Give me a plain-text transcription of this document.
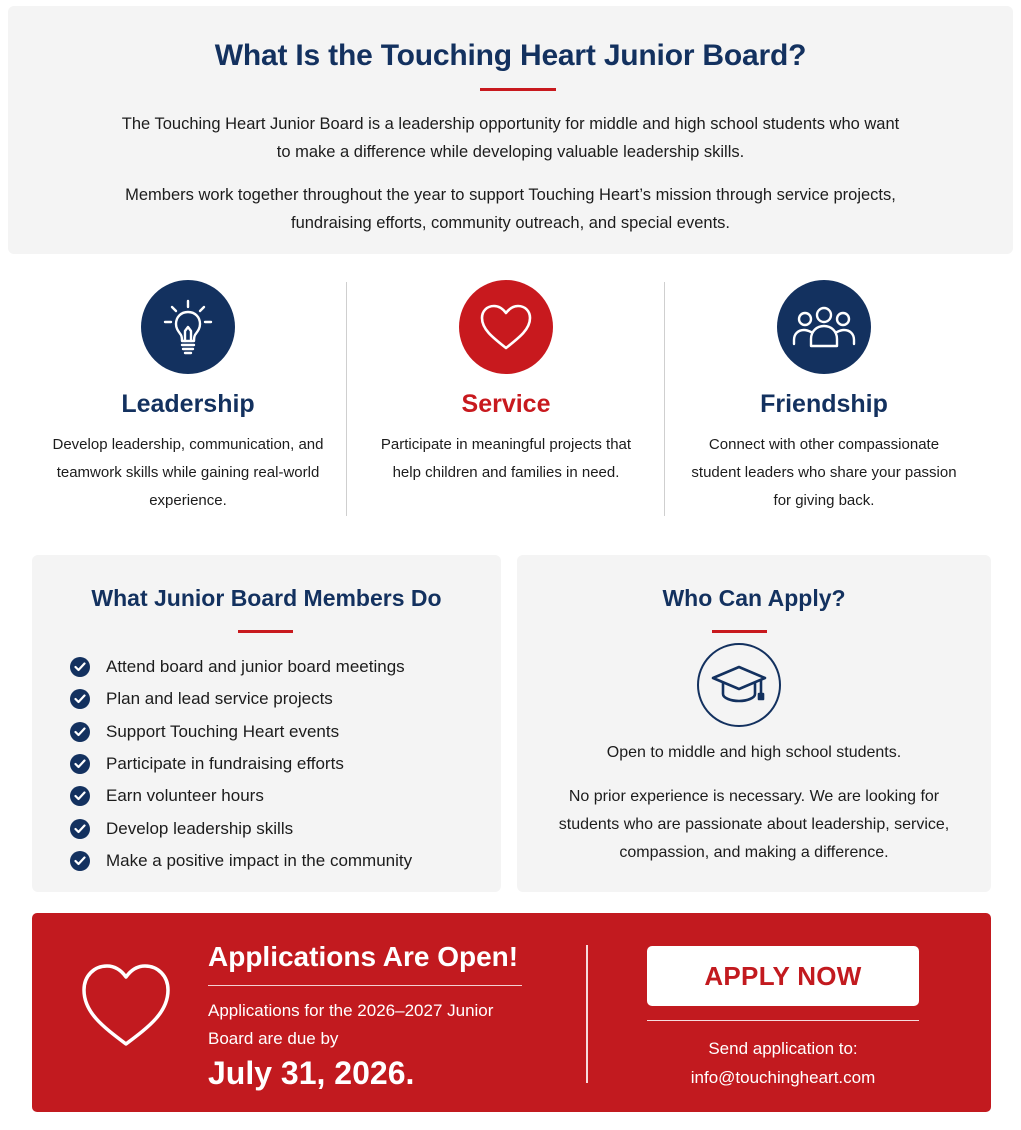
What Is the Touching Heart Junior Board?

The Touching Heart Junior Board is a leadership opportunity for middle and high school students who want to make a difference while developing valuable leadership skills.

Members work together throughout the year to support Touching Heart’s mission through service projects, fundraising efforts, community outreach, and special events.

Leadership

Develop leadership, communication, and teamwork skills while gaining real-world experience.

Service

Participate in meaningful projects that help children and families in need.

Friendship

Connect with other compassionate student leaders who share your passion for giving back.

What Junior Board Members Do
Attend board and junior board meetings
Plan and lead service projects
Support Touching Heart events
Participate in fundraising efforts
Earn volunteer hours
Develop leadership skills
Make a positive impact in the community
Who Can Apply?

Open to middle and high school students.

No prior experience is necessary. We are looking for students who are passionate about leadership, service, compassion, and making a difference.

Applications Are Open!

Applications for the 2026–2027 Junior Board are due by

July 31, 2026.

APPLY NOW

Send application to:
info@touchingheart.com
